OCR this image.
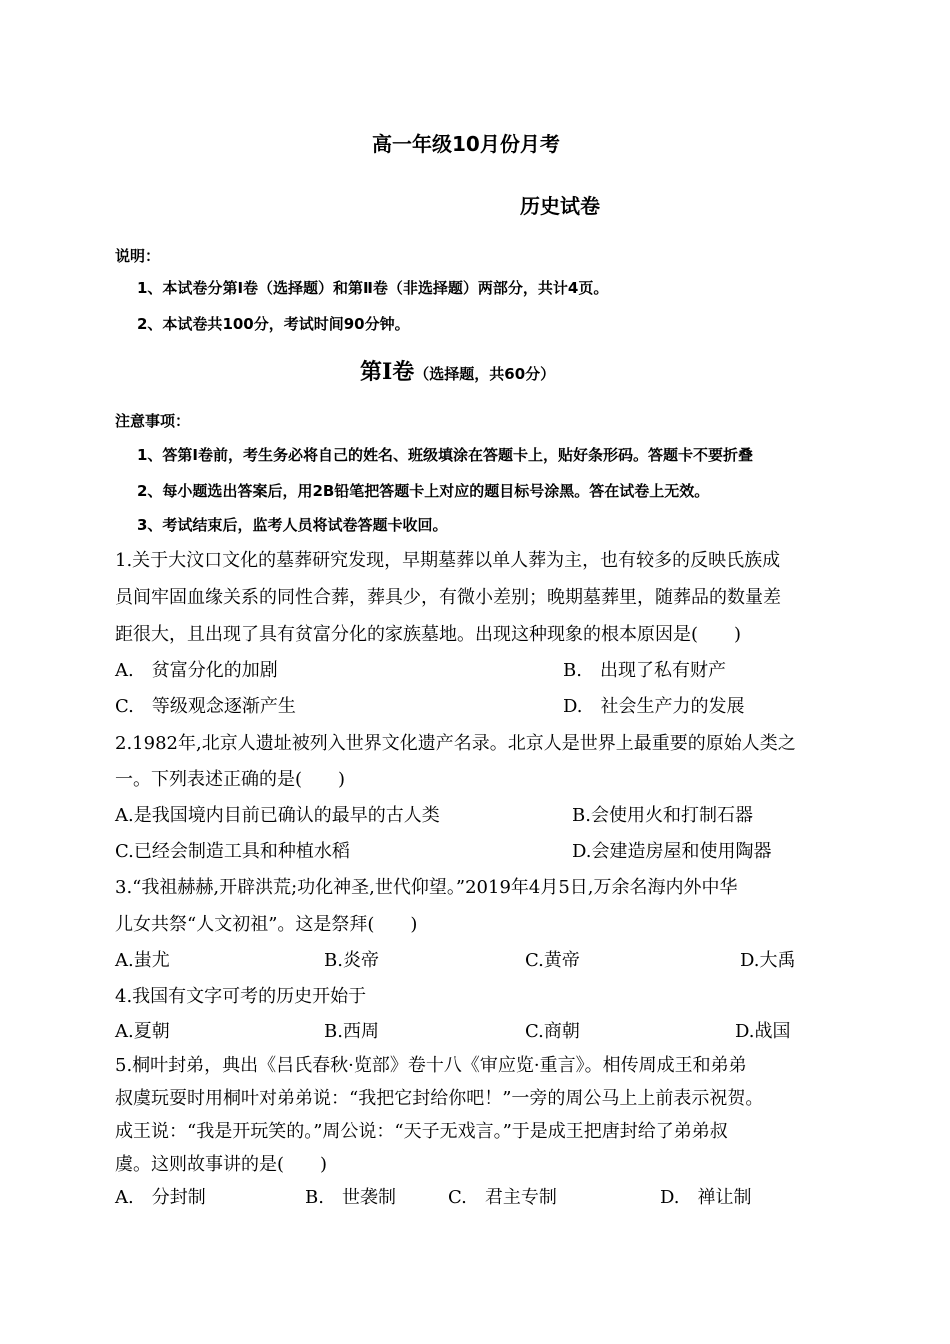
高一年级10月份月考
历史试卷
说明：
1、本试卷分第Ⅰ卷（选择题）和第Ⅱ卷（非选择题）两部分，共计4页。
2、本试卷共100分，考试时间90分钟。
第Ⅰ卷（选择题，共60分）
注意事项：
1、答第Ⅰ卷前，考生务必将自己的姓名、班级填涂在答题卡上，贴好条形码。答题卡不要折叠
2、每小题选出答案后，用2B铅笔把答题卡上对应的题目标号涂黑。答在试卷上无效。
3、考试结束后，监考人员将试卷答题卡收回。
1.关于大汶口文化的墓葬研究发现，早期墓葬以单人葬为主，也有较多的反映氏族成
员间牢固血缘关系的同性合葬，葬具少，有微小差别；晚期墓葬里，随葬品的数量差
距很大，且出现了具有贫富分化的家族墓地。出现这种现象的根本原因是(　　)
A.　贫富分化的加剧	B.　出现了私有财产
C.　等级观念逐渐产生	D.　社会生产力的发展
2.1982年,北京人遗址被列入世界文化遗产名录。北京人是世界上最重要的原始人类之
一。下列表述正确的是(　　)
A.是我国境内目前已确认的最早的古人类	B.会使用火和打制石器
C.已经会制造工具和种植水稻	D.会建造房屋和使用陶器
3.“我祖赫赫,开辟洪荒;功化神圣,世代仰望。”2019年4月5日,万余名海内外中华
儿女共祭“人文初祖”。这是祭拜(　　)
A.蚩尤	B.炎帝	C.黄帝	D.大禹
4.我国有文字可考的历史开始于
A.夏朝	B.西周	C.商朝	D.战国
5.桐叶封弟，典出《吕氏春秋·览部》卷十八《审应览·重言》。相传周成王和弟弟
叔虞玩耍时用桐叶对弟弟说：“我把它封给你吧！”一旁的周公马上上前表示祝贺。
成王说：“我是开玩笑的。”周公说：“天子无戏言。”于是成王把唐封给了弟弟叔
虞。这则故事讲的是(　　)
A.　分封制	B.　世袭制	C.　君主专制	D.　禅让制
